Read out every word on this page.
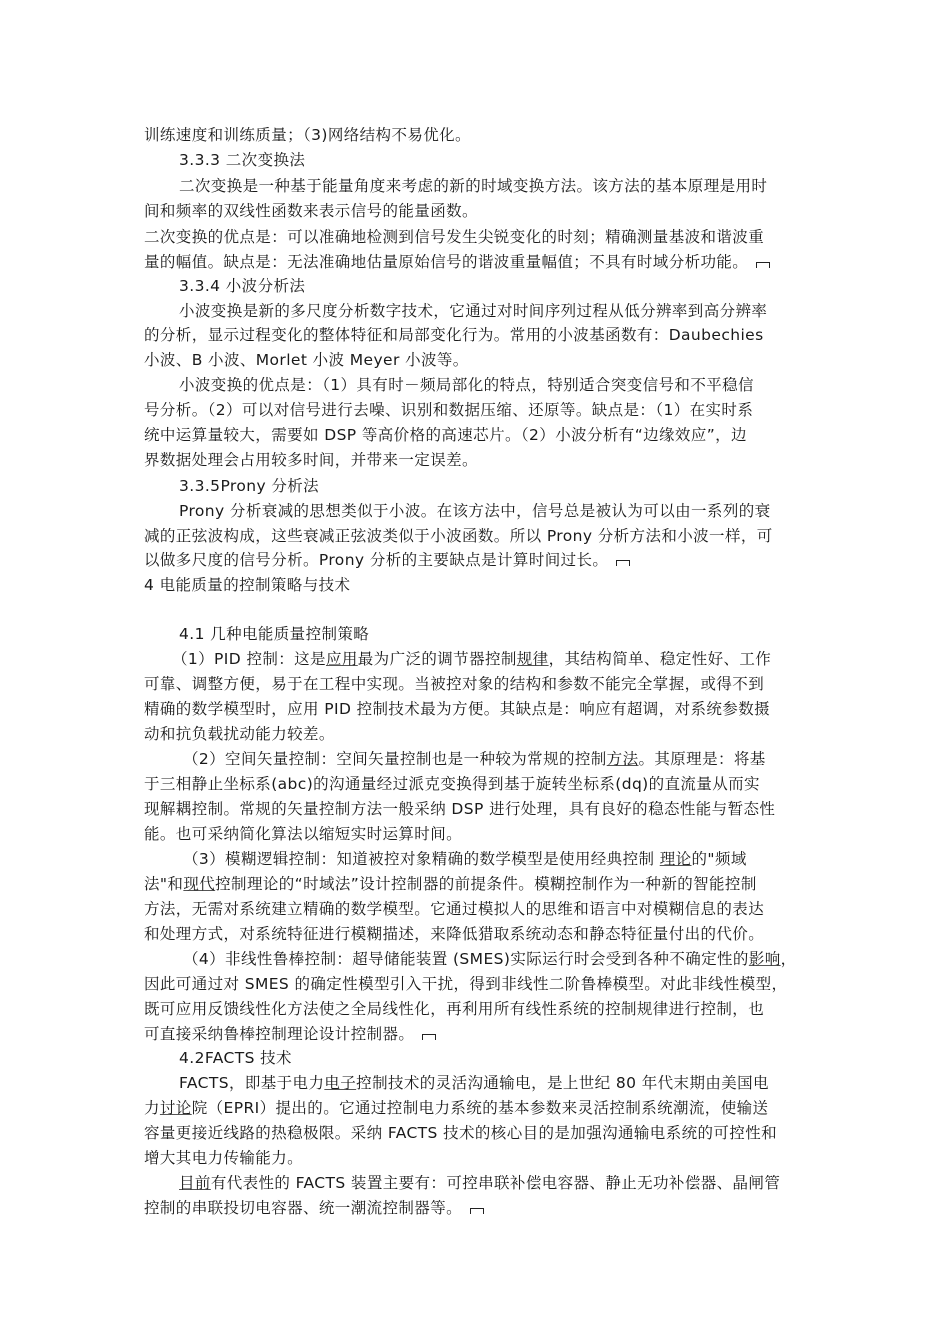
训练速度和训练质量；（3)网络结构不易优化。
3.3.3 二次变换法
二次变换是一种基于能量角度来考虑的新的时域变换方法。该方法的基本原理是用时
间和频率的双线性函数来表示信号的能量函数。
二次变换的优点是：可以准确地检测到信号发生尖锐变化的时刻；精确测量基波和谐波重
量的幅值。缺点是：无法准确地估量原始信号的谐波重量幅值；不具有时域分析功能。
3.3.4 小波分析法
小波变换是新的多尺度分析数字技术，它通过对时间序列过程从低分辨率到高分辨率
的分析，显示过程变化的整体特征和局部变化行为。常用的小波基函数有：Daubechies
小波、B 小波、Morlet 小波 Meyer 小波等。
小波变换的优点是：（1）具有时－频局部化的特点，特别适合突变信号和不平稳信
号分析。（2）可以对信号进行去噪、识别和数据压缩、还原等。缺点是：（1）在实时系
统中运算量较大，需要如 DSP 等高价格的高速芯片。（2）小波分析有“边缘效应”，边
界数据处理会占用较多时间，并带来一定误差。
3.3.5Prony 分析法
Prony 分析衰减的思想类似于小波。在该方法中，信号总是被认为可以由一系列的衰
减的正弦波构成，这些衰减正弦波类似于小波函数。所以 Prony 分析方法和小波一样，可
以做多尺度的信号分析。Prony 分析的主要缺点是计算时间过长。
4 电能质量的控制策略与技术
4.1 几种电能质量控制策略
（1）PID 控制：这是应用最为广泛的调节器控制规律，其结构简单、稳定性好、工作
可靠、调整方便，易于在工程中实现。当被控对象的结构和参数不能完全掌握，或得不到
精确的数学模型时，应用 PID 控制技术最为方便。其缺点是：响应有超调，对系统参数摄
动和抗负载扰动能力较差。
（2）空间矢量控制：空间矢量控制也是一种较为常规的控制方法。其原理是：将基
于三相静止坐标系(abc)的沟通量经过派克变换得到基于旋转坐标系(dq)的直流量从而实
现解耦控制。常规的矢量控制方法一般采纳 DSP 进行处理，具有良好的稳态性能与暂态性
能。也可采纳简化算法以缩短实时运算时间。
（3）模糊逻辑控制：知道被控对象精确的数学模型是使用经典控制 理论的"频域
法"和现代控制理论的“时域法”设计控制器的前提条件。模糊控制作为一种新的智能控制
方法，无需对系统建立精确的数学模型。它通过模拟人的思维和语言中对模糊信息的表达
和处理方式，对系统特征进行模糊描述，来降低猎取系统动态和静态特征量付出的代价。
（4）非线性鲁棒控制：超导储能装置 (SMES)实际运行时会受到各种不确定性的影响，
因此可通过对 SMES 的确定性模型引入干扰，得到非线性二阶鲁棒模型。对此非线性模型，
既可应用反馈线性化方法使之全局线性化，再利用所有线性系统的控制规律进行控制，也
可直接采纳鲁棒控制理论设计控制器。
4.2FACTS 技术
FACTS，即基于电力电子控制技术的灵活沟通输电，是上世纪 80 年代末期由美国电
力讨论院（EPRI）提出的。它通过控制电力系统的基本参数来灵活控制系统潮流，使输送
容量更接近线路的热稳极限。采纳 FACTS 技术的核心目的是加强沟通输电系统的可控性和
增大其电力传输能力。
目前有代表性的 FACTS 装置主要有：可控串联补偿电容器、静止无功补偿器、晶闸管
控制的串联投切电容器、统一潮流控制器等。
